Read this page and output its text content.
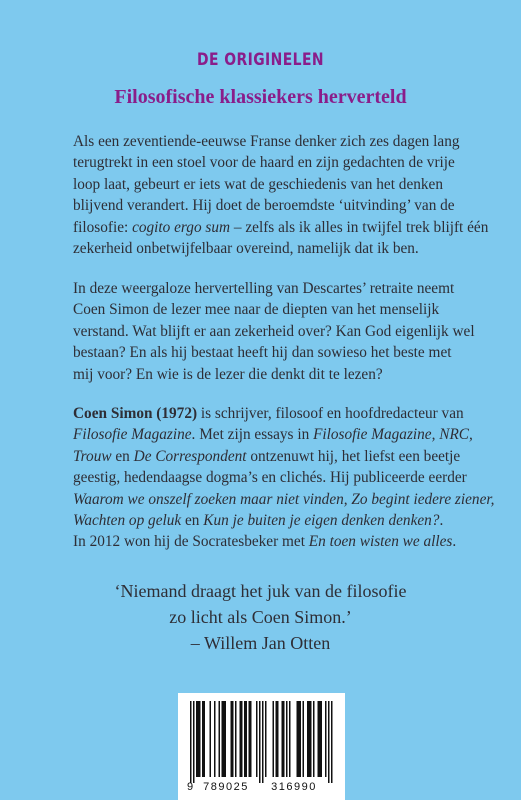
DE ORIGINELEN
Filosofische klassiekers herverteld
Als een zeventiende-eeuwse Franse denker zich zes dagen lang
terugtrekt in een stoel voor de haard en zijn gedachten de vrije
loop laat, gebeurt er iets wat de geschiedenis van het denken
blijvend verandert. Hij doet de beroemdste ‘uitvinding’ van de
filosofie: cogito ergo sum – zelfs als ik alles in twijfel trek blijft één
zekerheid onbetwijfelbaar overeind, namelijk dat ik ben.
In deze weergaloze hervertelling van Descartes’ retraite neemt
Coen Simon de lezer mee naar de diepten van het menselijk
verstand. Wat blijft er aan zekerheid over? Kan God eigenlijk wel
bestaan? En als hij bestaat heeft hij dan sowieso het beste met
mij voor? En wie is de lezer die denkt dit te lezen?
Coen Simon (1972) is schrijver, filosoof en hoofdredacteur van
Filosofie Magazine. Met zijn essays in Filosofie Magazine, NRC,
Trouw en De Correspondent ontzenuwt hij, het liefst een beetje
geestig, hedendaagse dogma’s en clichés. Hij publiceerde eerder
Waarom we onszelf zoeken maar niet vinden, Zo begint iedere ziener,
Wachten op geluk en Kun je buiten je eigen denken denken?.
In 2012 won hij de Socratesbeker met En toen wisten we alles.
‘Niemand draagt het juk van de filosofie
zo licht als Coen Simon.’
– Willem Jan Otten
9 789025 316990
